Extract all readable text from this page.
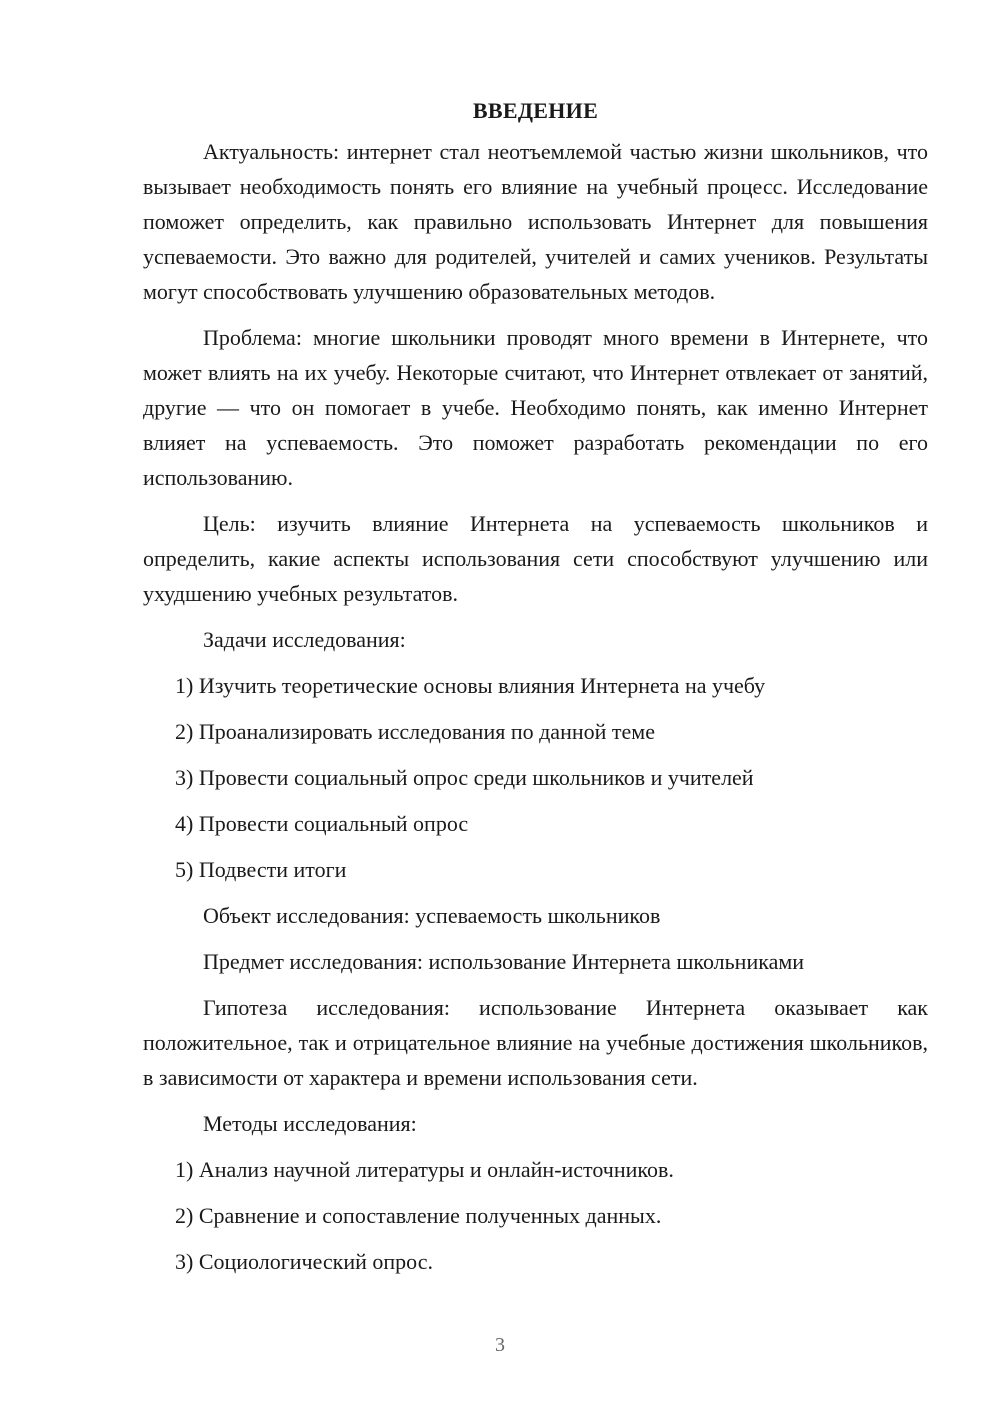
ВВЕДЕНИЕ

Актуальность: интернет стал неотъемлемой частью жизни школьников, что вызывает необходимость понять его влияние на учебный процесс. Исследование поможет определить, как правильно использовать Интернет для повышения успеваемости. Это важно для родителей, учителей и самих учеников. Результаты могут способствовать улучшению образовательных методов.

Проблема: многие школьники проводят много времени в Интернете, что может влиять на их учебу. Некоторые считают, что Интернет отвлекает от занятий, другие — что он помогает в учебе. Необходимо понять, как именно Интернет влияет на успеваемость. Это поможет разработать рекомендации по его использованию.

Цель: изучить влияние Интернета на успеваемость школьников и определить, какие аспекты использования сети способствуют улучшению или ухудшению учебных результатов.

Задачи исследования:
1) Изучить теоретические основы влияния Интернета на учебу
2) Проанализировать исследования по данной теме
3) Провести социальный опрос среди школьников и учителей
4) Провести социальный опрос
5) Подвести итоги
Объект исследования: успеваемость школьников
Предмет исследования: использование Интернета школьниками

Гипотеза исследования: использование Интернета оказывает как положительное, так и отрицательное влияние на учебные достижения школьников, в зависимости от характера и времени использования сети.

Методы исследования:
1) Анализ научной литературы и онлайн-источников.
2) Сравнение и сопоставление полученных данных.
3) Социологический опрос.
3
